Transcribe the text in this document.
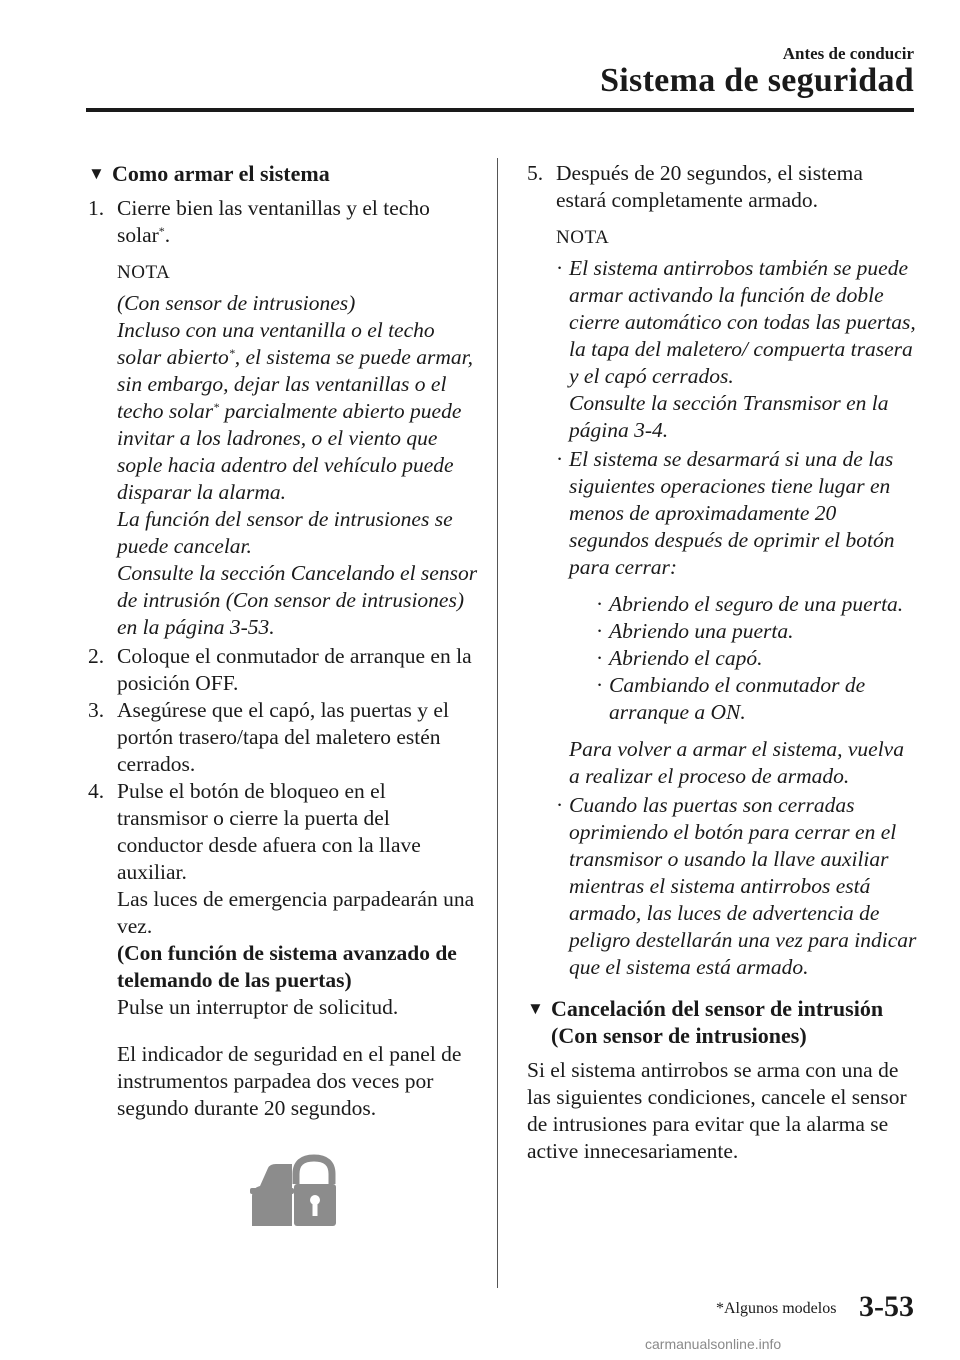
Antes de conducir
Sistema de seguridad
▼ Como armar el sistema
1. Cierre bien las ventanillas y el techo solar*.
NOTA
(Con sensor de intrusiones)
Incluso con una ventanilla o el techo solar abierto*, el sistema se puede armar, sin embargo, dejar las ventanillas o el techo solar* parcialmente abierto puede invitar a los ladrones, o el viento que sople hacia adentro del vehículo puede disparar la alarma.
La función del sensor de intrusiones se puede cancelar.
Consulte la sección Cancelando el sensor de intrusión (Con sensor de intrusiones) en la página 3-53.
2. Coloque el conmutador de arranque en la posición OFF.
3. Asegúrese que el capó, las puertas y el portón trasero/tapa del maletero estén cerrados.
4. Pulse el botón de bloqueo en el transmisor o cierre la puerta del conductor desde afuera con la llave auxiliar.
Las luces de emergencia parpadearán una vez.
(Con función de sistema avanzado de telemando de las puertas)
Pulse un interruptor de solicitud.
El indicador de seguridad en el panel de instrumentos parpadea dos veces por segundo durante 20 segundos.
5. Después de 20 segundos, el sistema estará completamente armado.
NOTA
· El sistema antirrobos también se puede armar activando la función de doble cierre automático con todas las puertas, la tapa del maletero/ compuerta trasera y el capó cerrados.
Consulte la sección Transmisor en la página 3-4.
· El sistema se desarmará si una de las siguientes operaciones tiene lugar en menos de aproximadamente 20 segundos después de oprimir el botón para cerrar:
· Abriendo el seguro de una puerta.
· Abriendo una puerta.
· Abriendo el capó.
· Cambiando el conmutador de arranque a ON.
Para volver a armar el sistema, vuelva a realizar el proceso de armado.
· Cuando las puertas son cerradas oprimiendo el botón para cerrar en el transmisor o usando la llave auxiliar mientras el sistema antirrobos está armado, las luces de advertencia de peligro destellarán una vez para indicar que el sistema está armado.
▼ Cancelación del sensor de intrusión (Con sensor de intrusiones)
Si el sistema antirrobos se arma con una de las siguientes condiciones, cancele el sensor de intrusiones para evitar que la alarma se active innecesariamente.
*Algunos modelos 3-53
carmanualsonline.info
